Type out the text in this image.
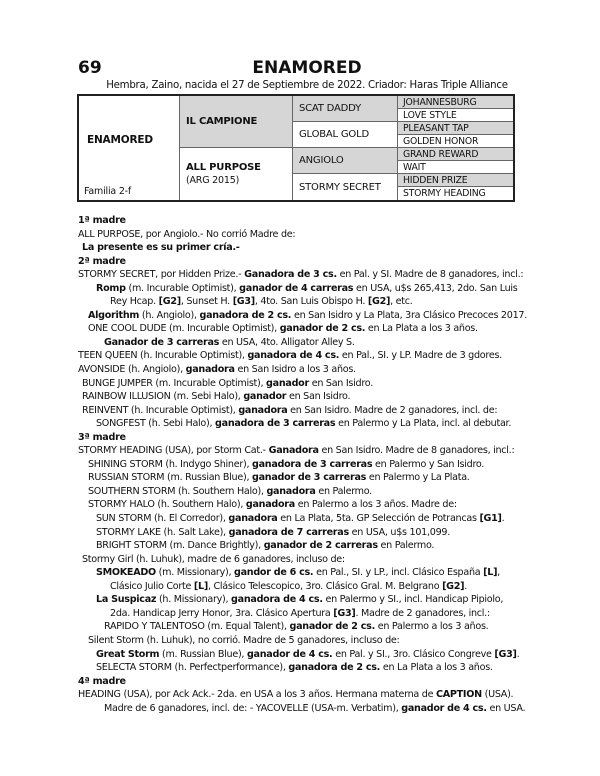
69	ENAMORED
Hembra, Zaino, nacida el 27 de Septiembre de 2022. Criador: Haras Triple Alliance
ENAMORED
Familia 2-f
IL CAMPIONE
ALL PURPOSE
(ARG 2015)
SCAT DADDY
GLOBAL GOLD
ANGIOLO
STORMY SECRET
JOHANNESBURG
LOVE STYLE
PLEASANT TAP
GOLDEN HONOR
GRAND REWARD
WAIT
HIDDEN PRIZE
STORMY HEADING
1ª madre
ALL PURPOSE, por Angiolo.- No corrió Madre de:
La presente es su primer cría.-
2ª madre
STORMY SECRET, por Hidden Prize.- Ganadora de 3 cs. en Pal. y SI. Madre de 8 ganadores, incl.:
Romp (m. Incurable Optimist), ganador de 4 carreras en USA, u$s 265,413, 2do. San Luis
Rey Hcap. [G2], Sunset H. [G3], 4to. San Luis Obispo H. [G2], etc.
Algorithm (h. Angiolo), ganadora de 2 cs. en San Isidro y La Plata, 3ra Clásico Precoces 2017.
ONE COOL DUDE (m. Incurable Optimist), ganador de 2 cs. en La Plata a los 3 años.
Ganador de 3 carreras en USA, 4to. Alligator Alley S.
TEEN QUEEN (h. Incurable Optimist), ganadora de 4 cs. en Pal., SI. y LP. Madre de 3 gdores.
AVONSIDE (h. Angiolo), ganadora en San Isidro a los 3 años.
BUNGE JUMPER (m. Incurable Optimist), ganador en San Isidro.
RAINBOW ILLUSION (m. Sebi Halo), ganador en San Isidro.
REINVENT (h. Incurable Optimist), ganadora en San Isidro. Madre de 2 ganadores, incl. de:
SONGFEST (h. Sebi Halo), ganadora de 3 carreras en Palermo y La Plata, incl. al debutar.
3ª madre
STORMY HEADING (USA), por Storm Cat.- Ganadora en San Isidro. Madre de 8 ganadores, incl.:
SHINING STORM (h. Indygo Shiner), ganadora de 3 carreras en Palermo y San Isidro.
RUSSIAN STORM (m. Russian Blue), ganador de 3 carreras en Palermo y La Plata.
SOUTHERN STORM (h. Southern Halo), ganadora en Palermo.
STORMY HALO (h. Southern Halo), ganadora en Palermo a los 3 años. Madre de:
SUN STORM (h. El Corredor), ganadora en La Plata, 5ta. GP Selección de Potrancas [G1].
STORMY LAKE (h. Salt Lake), ganadora de 7 carreras en USA, u$s 101,099.
BRIGHT STORM (m. Dance Brightly), ganador de 2 carreras en Palermo.
Stormy Girl (h. Luhuk), madre de 6 ganadores, incluso de:
SMOKEADO (m. Missionary), gandor de 6 cs. en Pal., SI. y LP., incl. Clásico España [L],
Clásico Julio Corte [L], Clásico Telescopico, 3ro. Clásico Gral. M. Belgrano [G2].
La Suspicaz (h. Missionary), ganadora de 4 cs. en Palermo y SI., incl. Handicap Pipiolo,
2da. Handicap Jerry Honor, 3ra. Clásico Apertura [G3]. Madre de 2 ganadores, incl.:
RAPIDO Y TALENTOSO (m. Equal Talent), ganador de 2 cs. en Palermo a los 3 años.
Silent Storm (h. Luhuk), no corrió. Madre de 5 ganadores, incluso de:
Great Storm (m. Russian Blue), ganador de 4 cs. en Pal. y SI., 3ro. Clásico Congreve [G3].
SELECTA STORM (h. Perfectperformance), ganadora de 2 cs. en La Plata a los 3 años.
4ª madre
HEADING (USA), por Ack Ack.- 2da. en USA a los 3 años. Hermana materna de CAPTION (USA).
Madre de 6 ganadores, incl. de: - YACOVELLE (USA-m. Verbatim), ganador de 4 cs. en USA.
